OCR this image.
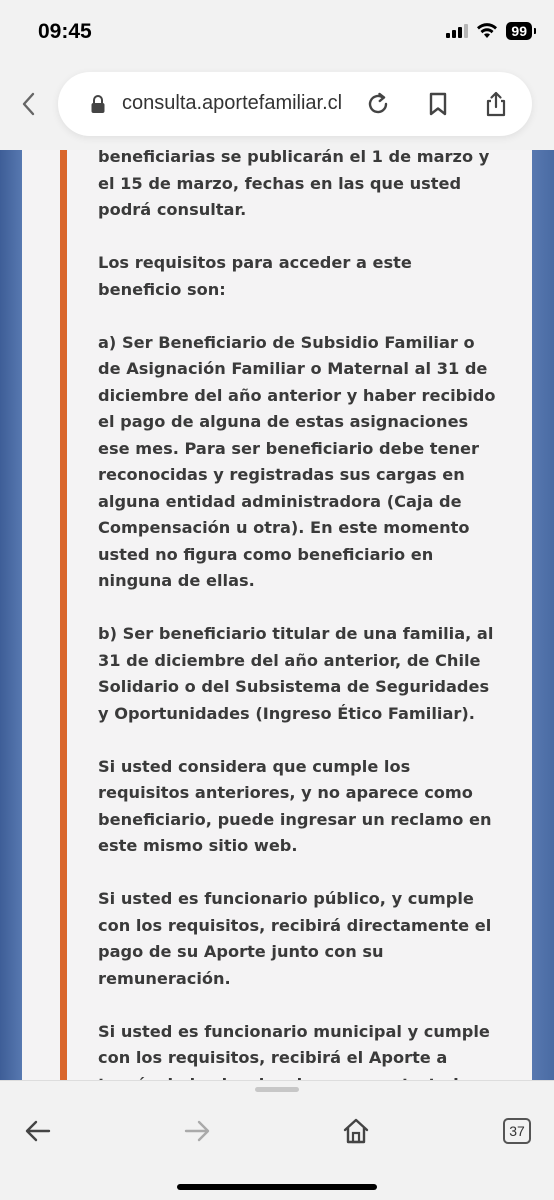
09:45	99
consulta.aportefamiliar.cl

beneficiarias se publicarán el 1 de marzo y el 15 de marzo, fechas en las que usted podrá consultar.

Los requisitos para acceder a este beneficio son:

a) Ser Beneficiario de Subsidio Familiar o de Asignación Familiar o Maternal al 31 de diciembre del año anterior y haber recibido el pago de alguna de estas asignaciones ese mes. Para ser beneficiario debe tener reconocidas y registradas sus cargas en alguna entidad administradora (Caja de Compensación u otra). En este momento usted no figura como beneficiario en ninguna de ellas.

b) Ser beneficiario titular de una familia, al 31 de diciembre del año anterior, de Chile Solidario o del Subsistema de Seguridades y Oportunidades (Ingreso Ético Familiar).

Si usted considera que cumple los requisitos anteriores, y no aparece como beneficiario, puede ingresar un reclamo en este mismo sitio web.

Si usted es funcionario público, y cumple con los requisitos, recibirá directamente el pago de su Aporte junto con su remuneración.

Si usted es funcionario municipal y cumple con los requisitos, recibirá el Aporte a

37
